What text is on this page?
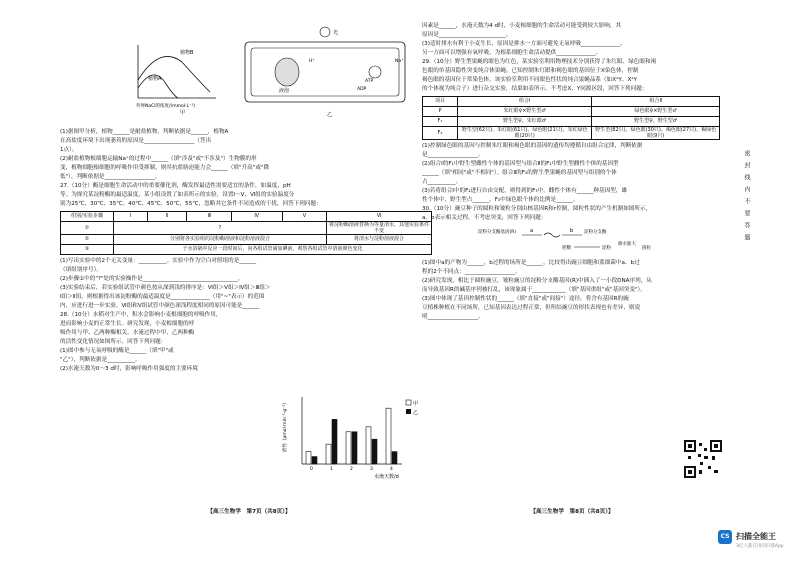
植物B
植物A
外界NaCl的浓度/(mmol·L⁻¹)
甲
光
液泡
ATP
ADP
Na⁺
H⁺
乙

(1)据图甲分析，植物______是耐盐植物，判断依据是______，植物A

在高盐度环境下出现萎蔫的原因是__________________（答出

1点）。

(2)耐盐植物根细胞运输Na⁺的过程中______（填"涉及"或"不涉及"）生物膜的形

变，植物细胞根细胞的呼吸作用受抑制，则其抗盐胁迫能力会______（填"升高"或"降

低"），判断依据是__________________。

27.（10分）酶是细胞生命活动中的重要催化剂，酶发挥最适性需要适宜的条件，如温度，pH

等。为探究某淀粉酶的最适温度，某小组设置了如表所示的实验，设置Ⅰ～Ⅴ、Ⅵ组的实验温度分

别为25℃、30℃、35℃、40℃、45℃、50℃、55℃，忽略其它条件不同造成的干扰，回答下列问题：

组别/实验步骤	Ⅰ	Ⅱ	Ⅲ	Ⅳ	Ⅴ	Ⅵ
①	?					将淀粉酶溶液替换为等量清水，其他实验条件不变
②	分别将各实验组的淀粉酶溶液和淀粉溶液混合					将清水与淀粉溶液混合
③	于水浴锅中反应一段时间后，向各组试管滴加碘液，观察各组试管中溶液颜色变化					

(1)写出实验中的2个无关变量：__________。实验中作为空白对照组的是______

（填组别序号）。

(2)步骤①中的"?"处的实验操作是__________________________________。

(3)实验结束后，若实验组试管中颜色按从深到浅的排序是：Ⅵ组＞Ⅴ组＞Ⅳ组＞Ⅲ组＞

Ⅰ组＞Ⅱ组，则根据得出该淀粉酶的最适温度是______________（用"~"表示）的范围

内，应进行进一步实验。Ⅵ组和Ⅴ组试管中颜色深浅程度相同的原因可能是______

28.（10分）水稻对生产中，积水会影响小麦根细胞的呼吸作用，

进而影响小麦的正常生长。研究发现，小麦根细胞的呼

吸作用与甲、乙两种酶相关，水淹过程中甲、乙两种酶

的活性变化情况如图所示。回答下列问题：

(1)图中参与无氧呼吸的酶是______（填"甲"或

"乙"），判断依据是__________。

(2)水淹天数为0～3 d时，影响呼吸作用强度的主要环境

活性（μmol·min⁻¹·g⁻¹）
0	1	2	3	4
水淹天数/d
甲
乙
【高三生物学　第7页（共8页）】

因素是______，水淹天数为4 d时，小麦根细胞的生命活动可能受到较大影响，其

原因是________________________。

(3)适时排水有利于小麦生长，原因是排水一方面可避免无氧呼吸______________，

另一方面可以增强有氧呼吸，为根系细胞生命活动提供______________。

29.（10分）野生型果蝇的眼色为红色，某实验室利用物理技术分别获得了朱红眼、绿色眼和褐

色眼的单基因隐性突变纯合体果蝇。已知控制朱红眼和褐色眼的基因位于X染色体，控制

褐色眼的基因位于常染色体。该实验室利用不同眼色性状的纯合果蝇品系（如XᴬY、XᵃY

的个体视为纯合子）进行杂交实验，结果如表所示。不考虑X、Y同源区段，回答下列问题：

项目	组合Ⅰ	组合Ⅱ
P	朱红眼♀×野生型♂	绿色眼♀×野生型♂
F₁	野生型♀、朱红眼♂	野生型♀、野生型♂
F₂	野生型(62只)、朱红眼(61只)、绿色眼(21只)、朱红绿色眼(20只)	野生型(82只)、绿色眼(30只)、褐色眼(27只)、褐绿色眼(9只)

(1)控制绿色眼的基因与控制朱红眼和褐色眼的基因的遗传均遵循自由组合定律，判断依据

是__________________。

(2)组合Ⅰ的F₁中野生型雌性个体的基因型与组合Ⅱ的F₁中野生型雌性个体的基因型

______（填"相同"或"不相同"）。组合Ⅱ的F₂的野生型果蝇的基因型与组别的个体

占__________。

(3)若将组合Ⅰ中的F₂进行自由交配，则得到的F₃中，雌性个体有______种基因型，雄

性个体中，野生型占______，F₃中绿色眼个体的比例是______。

30.（10分）豌豆种子的圆粒和皱粒分别由核基因R和r控制，圆粒性状的产生机制如图所示，

a、b表示相关过程。不考虑突变，回答下列问题：

淀粉分支酶基因(R)	a	b 淀粉分支酶
蔗糖	淀粉
吸水胀大
圆粒

(1)图中a的产物为______，b过程的场所是______。比较得出豌豆细胞和蓝细菌中a、b过

程的2个不同点：__________________。

(2)研究发现，相比于圆粒豌豆，皱粒豌豆的淀粉分支酶基因(R)中插入了一小段DNA序列，从

而导致基因R的碱基序列被打乱，该现象属于____________（填"基因重组"或"基因突变"）。

(3)图中体现了基因控制性状的______（填"直接"或"间接"）途径。将含有基因R的豌

豆植株种植在不同场所，已知基因表达过程正常，但所结豌豆的形状表现也有差异，则说

明__________________。

【高三生物学　第8页（共8页）】
密　封　线　内　不　要　答　题
CS 扫描全能王
3亿人都在用的扫描App
